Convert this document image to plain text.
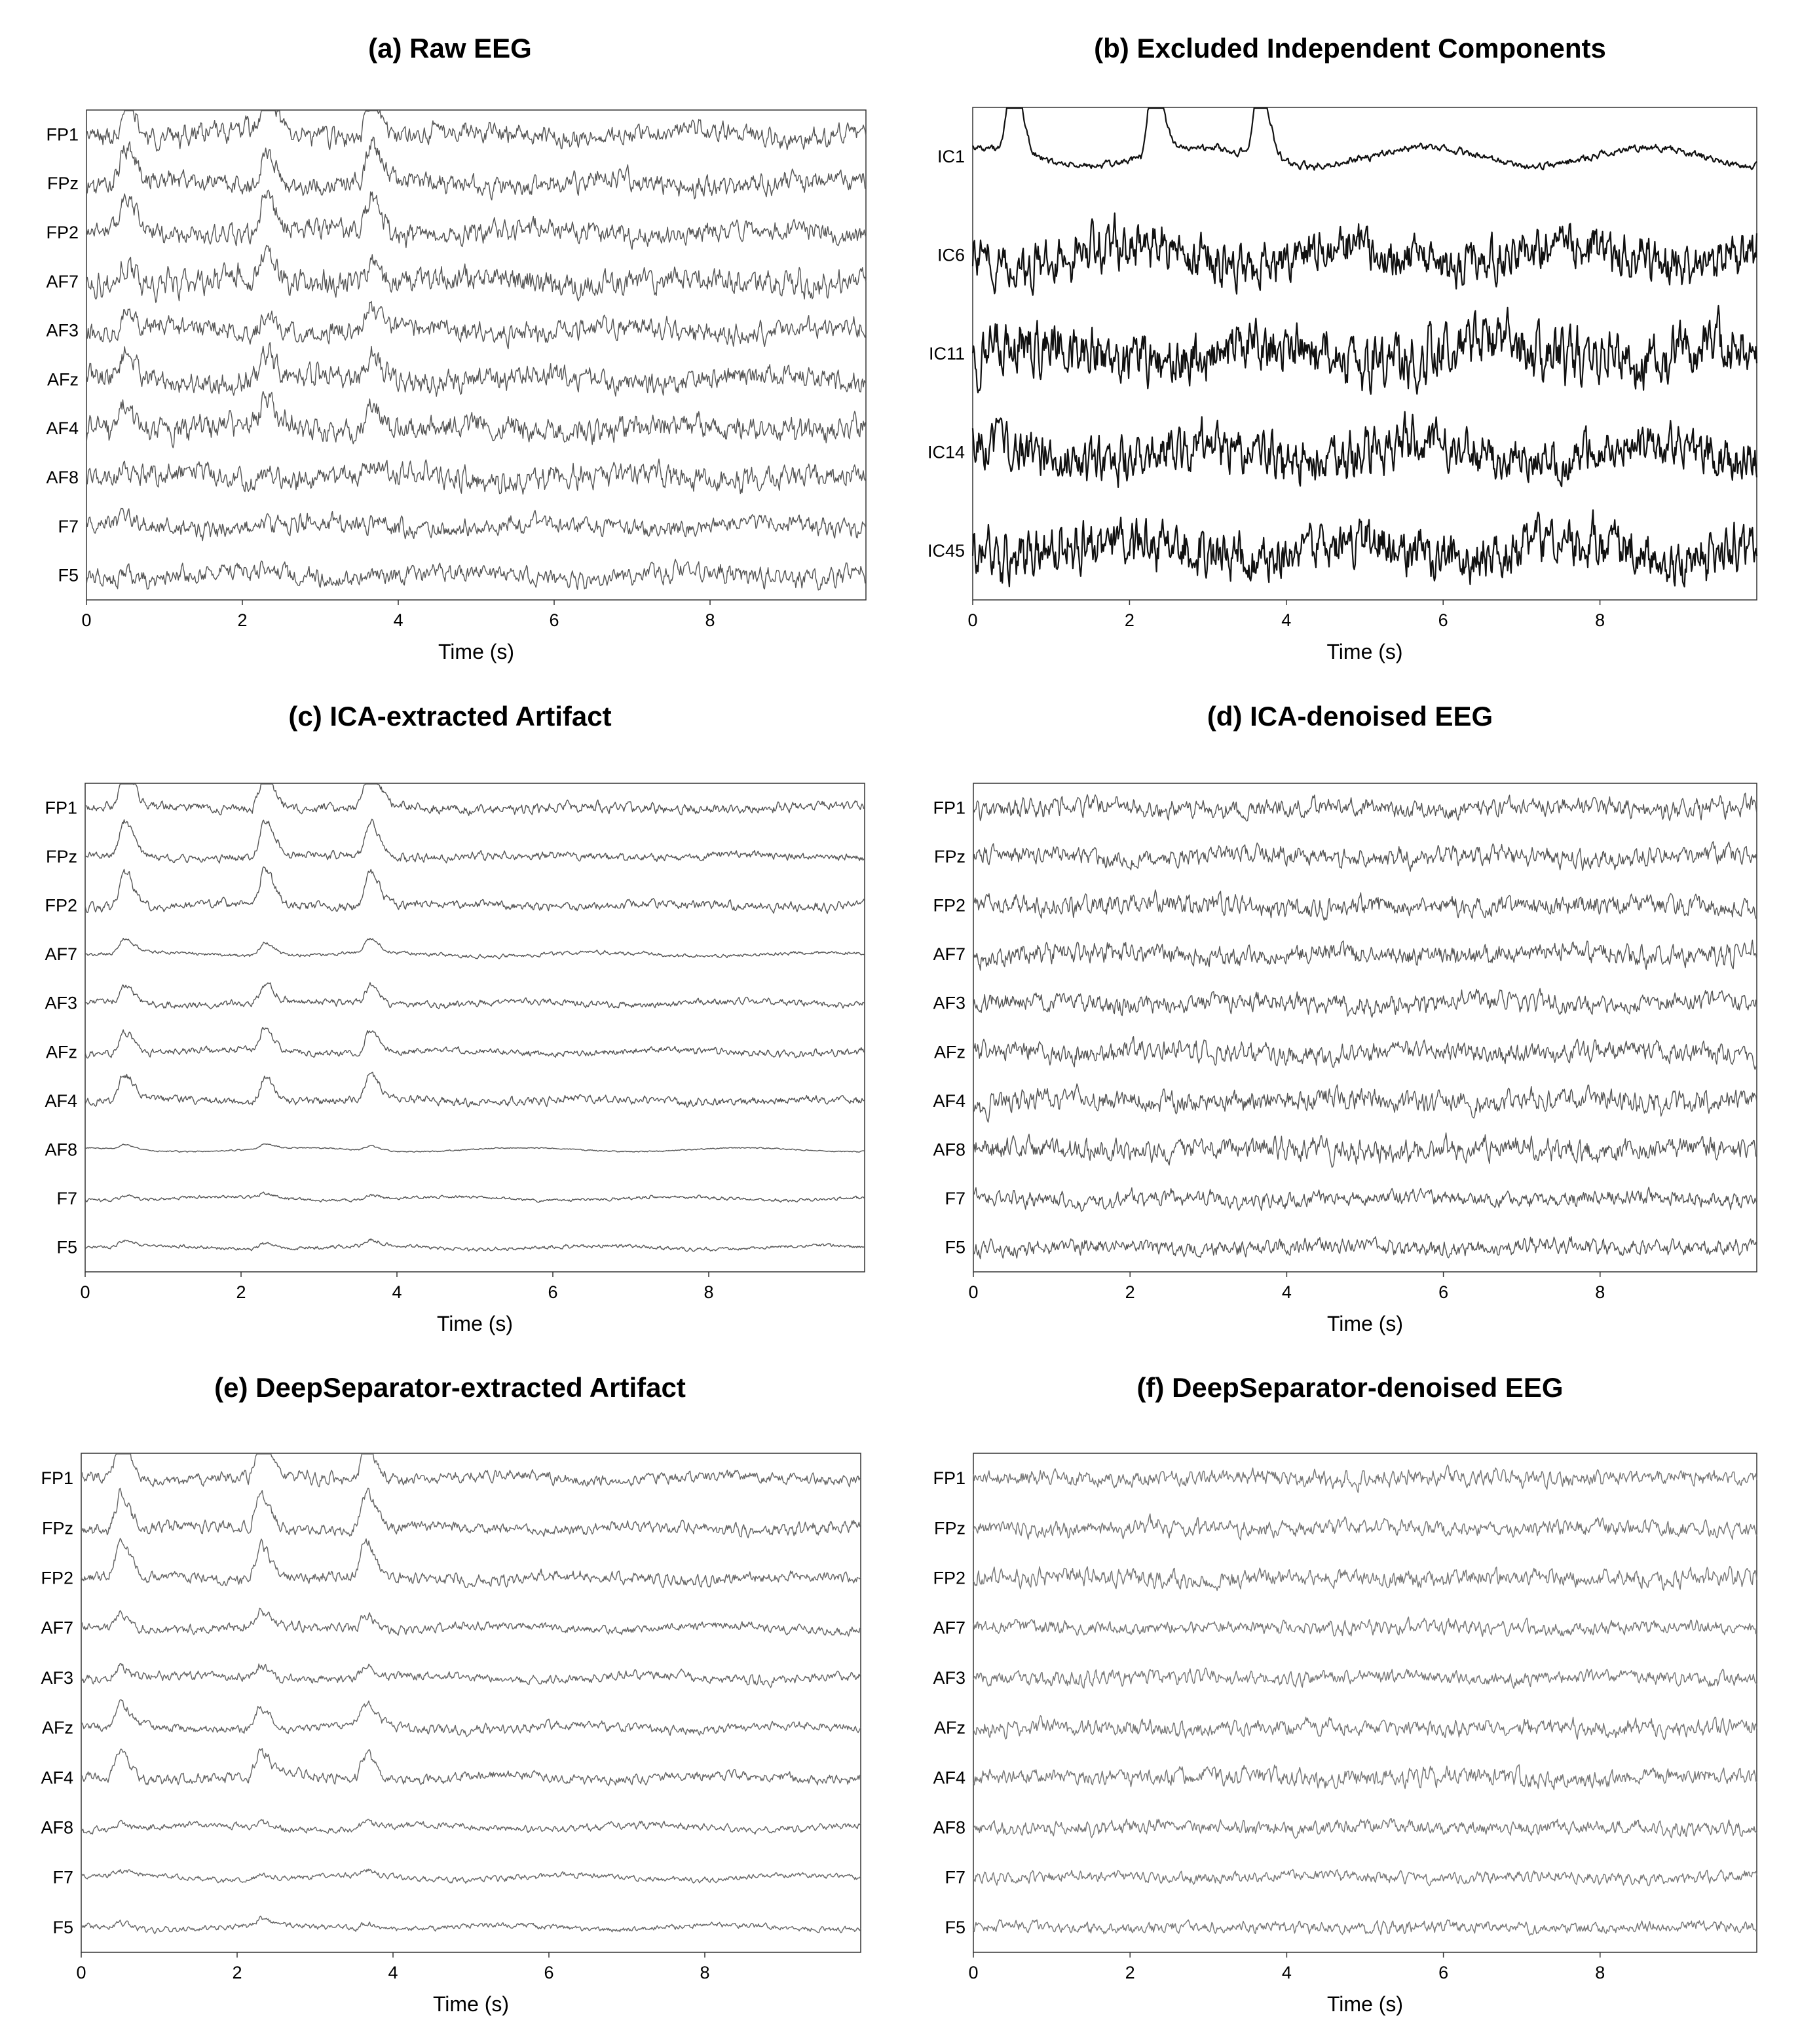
(a) Raw EEG
FP1
FPz
FP2
AF7
AF3
AFz
AF4
AF8
F7
F5
0	2	4	6	8
Time (s)
(b) Excluded Independent Components
IC1
IC6
IC11
IC14
IC45
0	2	4	6	8
Time (s)
(c) ICA-extracted Artifact
FP1
FPz
FP2
AF7
AF3
AFz
AF4
AF8
F7
F5
0	2	4	6	8
Time (s)
(d) ICA-denoised EEG
FP1
FPz
FP2
AF7
AF3
AFz
AF4
AF8
F7
F5
0	2	4	6	8
Time (s)
(e) DeepSeparator-extracted Artifact
FP1
FPz
FP2
AF7
AF3
AFz
AF4
AF8
F7
F5
0	2	4	6	8
Time (s)
(f) DeepSeparator-denoised EEG
FP1
FPz
FP2
AF7
AF3
AFz
AF4
AF8
F7
F5
0	2	4	6	8
Time (s)
